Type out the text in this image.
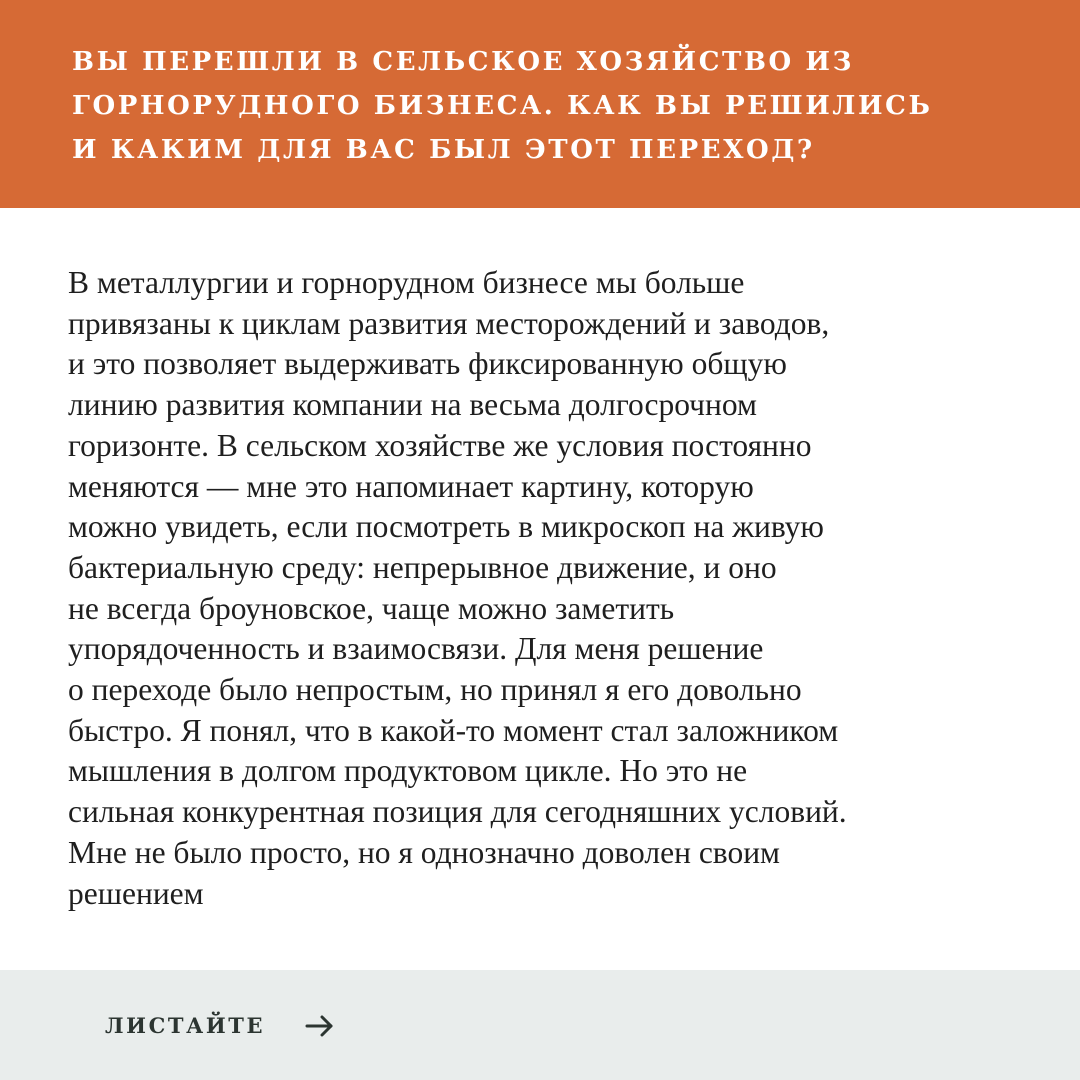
ВЫ ПЕРЕШЛИ В СЕЛЬСКОЕ ХОЗЯЙСТВО ИЗ
ГОРНОРУДНОГО БИЗНЕСА. КАК ВЫ РЕШИЛИСЬ
И КАКИМ ДЛЯ ВАС БЫЛ ЭТОТ ПЕРЕХОД?
В металлургии и горнорудном бизнесе мы больше
привязаны к циклам развития месторождений и заводов,
и это позволяет выдерживать фиксированную общую
линию развития компании на весьма долгосрочном
горизонте. В сельском хозяйстве же условия постоянно
меняются — мне это напоминает картину, которую
можно увидеть, если посмотреть в микроскоп на живую
бактериальную среду: непрерывное движение, и оно
не всегда броуновское, чаще можно заметить
упорядоченность и взаимосвязи. Для меня решение
о переходе было непростым, но принял я его довольно
быстро. Я понял, что в какой-то момент стал заложником
мышления в долгом продуктовом цикле. Но это не
сильная конкурентная позиция для сегодняшних условий.
Мне не было просто, но я однозначно доволен своим
решением
ЛИСТАЙТЕ
